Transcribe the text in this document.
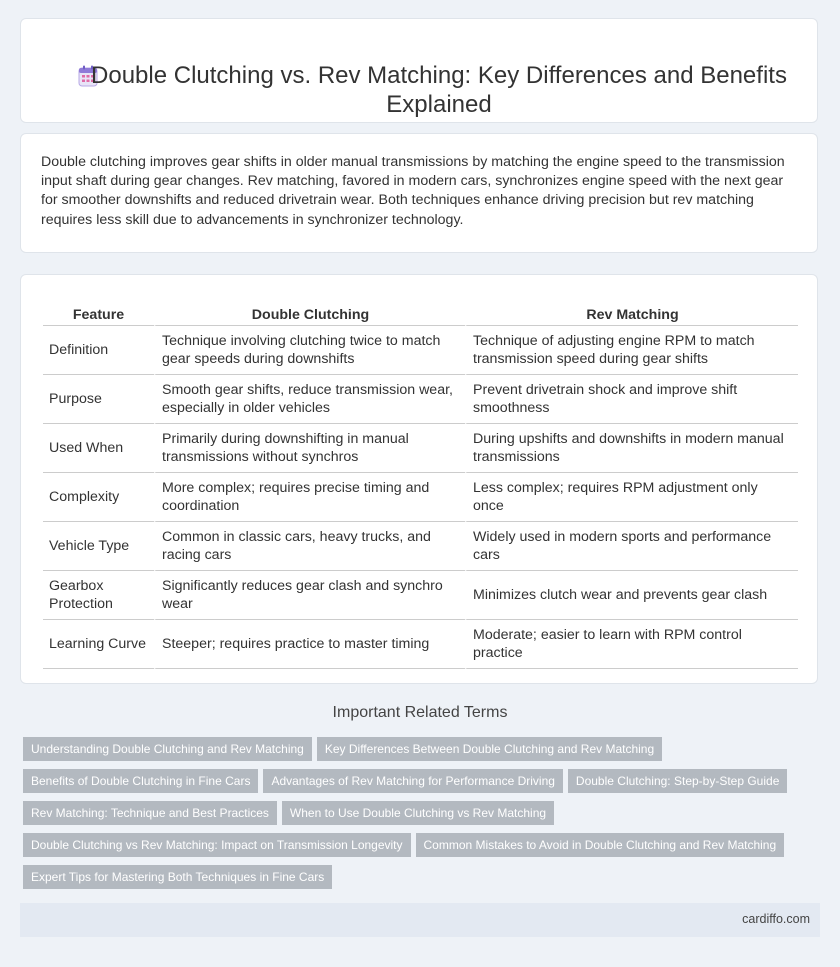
Double Clutching vs. Rev Matching: Key Differences and Benefits Explained

Double clutching improves gear shifts in older manual transmissions by matching the engine speed to the transmission input shaft during gear changes. Rev matching, favored in modern cars, synchronizes engine speed with the next gear for smoother downshifts and reduced drivetrain wear. Both techniques enhance driving precision but rev matching requires less skill due to advancements in synchronizer technology.

Feature	Double Clutching	Rev Matching
Definition	Technique involving clutching twice to match gear speeds during downshifts	Technique of adjusting engine RPM to match transmission speed during gear shifts
Purpose	Smooth gear shifts, reduce transmission wear, especially in older vehicles	Prevent drivetrain shock and improve shift smoothness
Used When	Primarily during downshifting in manual transmissions without synchros	During upshifts and downshifts in modern manual transmissions
Complexity	More complex; requires precise timing and coordination	Less complex; requires RPM adjustment only once
Vehicle Type	Common in classic cars, heavy trucks, and racing cars	Widely used in modern sports and performance cars
Gearbox Protection	Significantly reduces gear clash and synchro wear	Minimizes clutch wear and prevents gear clash
Learning Curve	Steeper; requires practice to master timing	Moderate; easier to learn with RPM control practice
Important Related Terms
Understanding Double Clutching and Rev Matching Key Differences Between Double Clutching and Rev Matching
Benefits of Double Clutching in Fine Cars Advantages of Rev Matching for Performance Driving Double Clutching: Step-by-Step Guide
Rev Matching: Technique and Best Practices When to Use Double Clutching vs Rev Matching
Double Clutching vs Rev Matching: Impact on Transmission Longevity Common Mistakes to Avoid in Double Clutching and Rev Matching
Expert Tips for Mastering Both Techniques in Fine Cars
cardiffo.com
